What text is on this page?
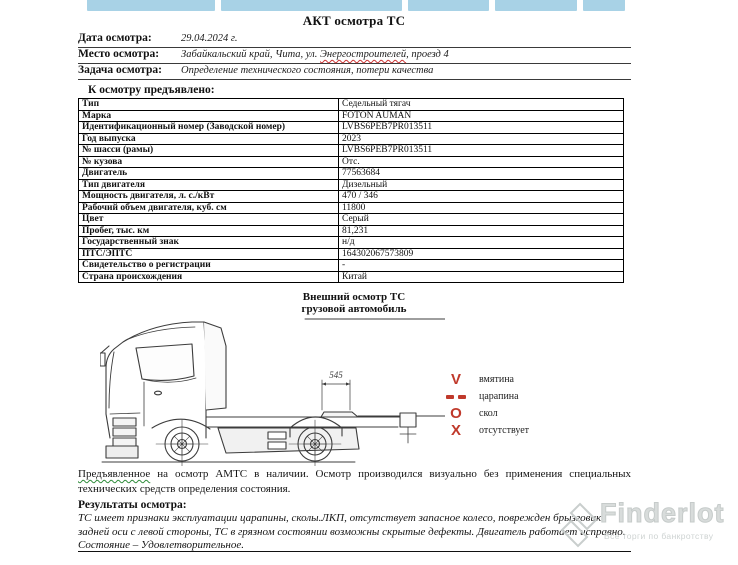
АКТ осмотра ТС
Дата осмотра:	29.04.2024 г.
Место осмотра: Забайкальский край, Чита, ул. Энергостроителей, проезд 4
Задача осмотра: Определение технического состояния, потери качества
К осмотру предъявлено:
Тип	Седельный тягач
Марка	FOTON AUMAN
Идентификационный номер (Заводской номер)	LVBS6PEB7PR013511
Год выпуска	2023
№ шасси (рамы)	LVBS6PEB7PR013511
№ кузова	Отс.
Двигатель	77563684
Тип двигателя	Дизельный
Мощность двигателя, л. с./кВт	470 / 346
Рабочий объем двигателя, куб. см	11800
Цвет	Серый
Пробег, тыс. км	81,231
Государственный знак	н/д
ПТС/ЭПТС	164302067573809
Свидетельство о регистрации	-
Страна происхождения	Китай
Внешний осмотр ТС
грузовой автомобиль
545	V	вмятина
царапина
O	скол
X	отсутствует
Предъявленное на осмотр АМТС в наличии. Осмотр производился визуально без применения специальных технических средств определения состояния.
Результаты осмотра:
ТС имеет признаки эксплуатации царапины, сколы.ЛКП, отсутствует запасное колесо, поврежден брызговик задней оси с левой стороны, ТС в грязном состоянии возможны скрытые дефекты. Двигатель работает исправно. Состояние – Удовлетворительное.
Finderlot
Все торги по банкротству
